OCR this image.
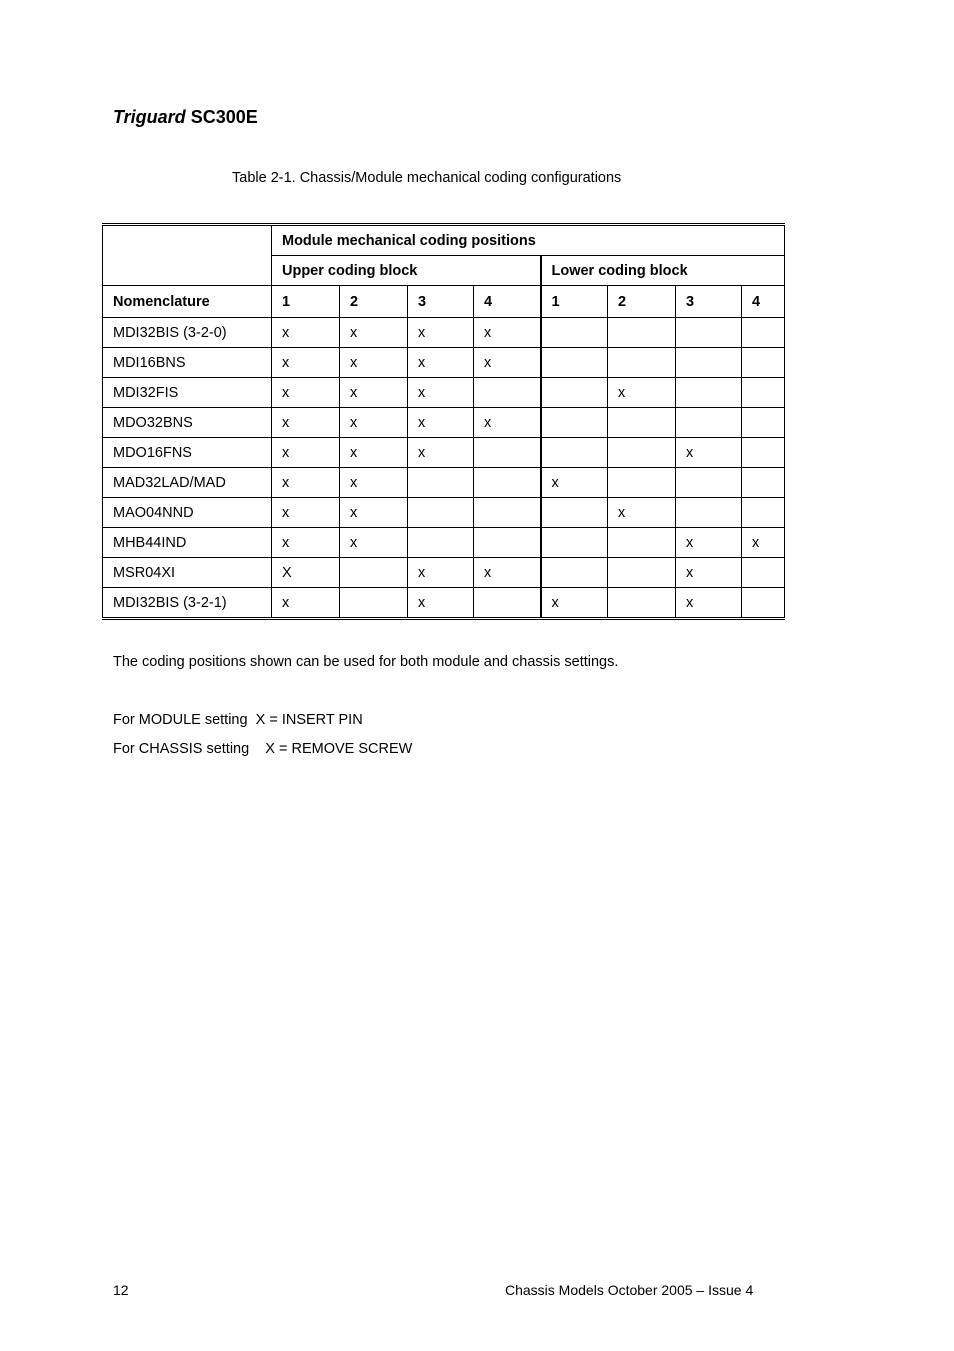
Triguard SC300E
Table 2-1. Chassis/Module mechanical coding configurations
	Module mechanical coding positions							
	Upper coding block				Lower coding block			
Nomenclature	1	2	3	4	1	2	3	4
MDI32BIS (3-2-0)	x	x	x	x				
MDI16BNS	x	x	x	x				
MDI32FIS	x	x	x			x		
MDO32BNS	x	x	x	x				
MDO16FNS	x	x	x				x	
MAD32LAD/MAD	x	x			x			
MAO04NND	x	x				x		
MHB44IND	x	x					x	x
MSR04XI	X		x	x			x	
MDI32BIS (3-2-1)	x		x		x		x	
The coding positions shown can be used for both module and chassis settings.
For MODULE setting  X = INSERT PIN
For CHASSIS setting    X = REMOVE SCREW
12	Chassis Models October 2005 – Issue 4
